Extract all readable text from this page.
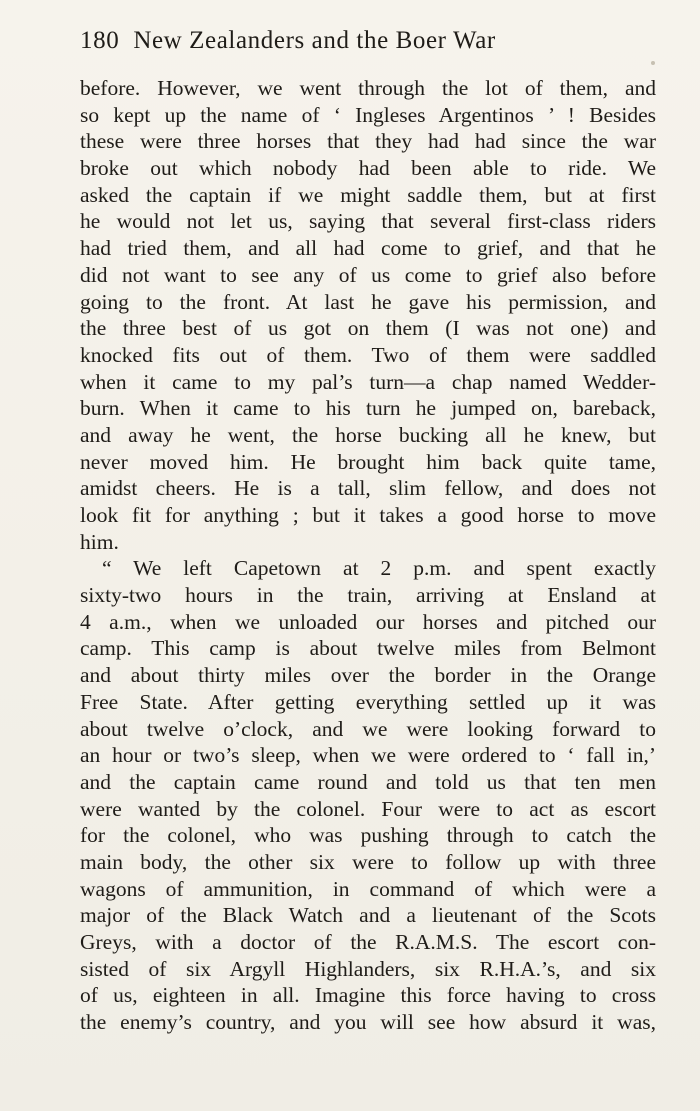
180 New Zealanders and the Boer War
before. However, we went through the lot of them, and
so kept up the name of ‘ Ingleses Argentinos ’ ! Besides
these were three horses that they had had since the war
broke out which nobody had been able to ride. We
asked the captain if we might saddle them, but at first
he would not let us, saying that several first-class riders
had tried them, and all had come to grief, and that he
did not want to see any of us come to grief also before
going to the front. At last he gave his permission, and
the three best of us got on them (I was not one) and
knocked fits out of them. Two of them were saddled
when it came to my pal’s turn—a chap named Wedder-
burn. When it came to his turn he jumped on, bareback,
and away he went, the horse bucking all he knew, but
never moved him. He brought him back quite tame,
amidst cheers. He is a tall, slim fellow, and does not
look fit for anything ; but it takes a good horse to move
him.
“ We left Capetown at 2 p.m. and spent exactly
sixty-two hours in the train, arriving at Ensland at
4 a.m., when we unloaded our horses and pitched our
camp. This camp is about twelve miles from Belmont
and about thirty miles over the border in the Orange
Free State. After getting everything settled up it was
about twelve o’clock, and we were looking forward to
an hour or two’s sleep, when we were ordered to ‘ fall in,’
and the captain came round and told us that ten men
were wanted by the colonel. Four were to act as escort
for the colonel, who was pushing through to catch the
main body, the other six were to follow up with three
wagons of ammunition, in command of which were a
major of the Black Watch and a lieutenant of the Scots
Greys, with a doctor of the R.A.M.S. The escort con-
sisted of six Argyll Highlanders, six R.H.A.’s, and six
of us, eighteen in all. Imagine this force having to cross
the enemy’s country, and you will see how absurd it was,
